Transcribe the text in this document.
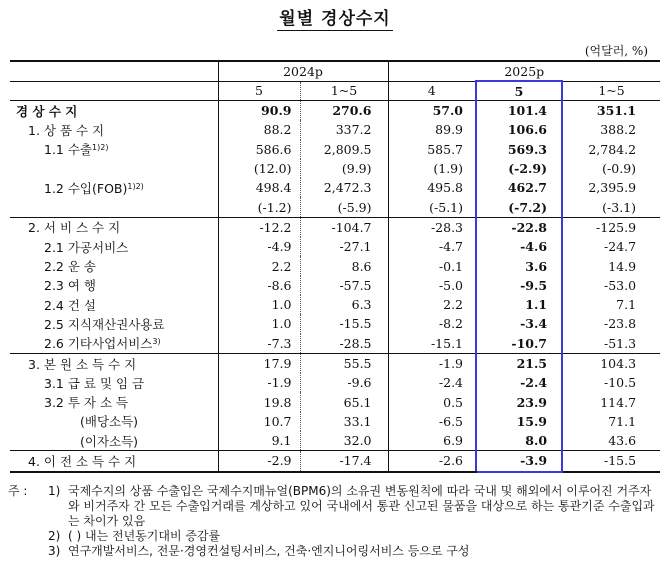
월별 경상수지
(억달러, %)
	2024p		2025p		
	5	1~5	4	5	1~5
경 상 수 지	90.9	270.6	57.0	101.4	351.1
1. 상 품 수 지	88.2	337.2	89.9	106.6	388.2
1.1 수출$^{1)2)}$	586.6	2,809.5	585.7	569.3	2,784.2
	(12.0)	(9.9)	(1.9)	(-2.9)	(-0.9)
1.2 수입(FOB)$^{1)2)}$	498.4	2,472.3	495.8	462.7	2,395.9
	(-1.2)	(-5.9)	(-5.1)	(-7.2)	(-3.1)
2. 서 비 스 수 지	-12.2	-104.7	-28.3	-22.8	-125.9
2.1 가공서비스	-4.9	-27.1	-4.7	-4.6	-24.7
2.2 운 송	2.2	8.6	-0.1	3.6	14.9
2.3 여 행	-8.6	-57.5	-5.0	-9.5	-53.0
2.4 건 설	1.0	6.3	2.2	1.1	7.1
2.5 지식재산권사용료	1.0	-15.5	-8.2	-3.4	-23.8
2.6 기타사업서비스$^{3)}$	-7.3	-28.5	-15.1	-10.7	-51.3
3. 본 원 소 득 수 지	17.9	55.5	-1.9	21.5	104.3
3.1 급 료 및 임 금	-1.9	-9.6	-2.4	-2.4	-10.5
3.2 투 자 소 득	19.8	65.1	0.5	23.9	114.7
(배당소득)	10.7	33.1	-6.5	15.9	71.1
(이자소득)	9.1	32.0	6.9	8.0	43.6
4. 이 전 소 득 수 지	-2.9	-17.4	-2.6	-3.9	-15.5
주 :	1) 국제수지의 상품 수출입은 국제수지매뉴얼(BPM6)의 소유권 변동원칙에 따라 국내 및 해외에서 이루어진 거주자와 비거주자 간 모든 수출입거래를 계상하고 있어 국내에서 통관 신고된 물품을 대상으로 하는 통관기준 수출입과는 차이가 있음
2) ( ) 내는 전년동기대비 증감률
3) 연구개발서비스, 전문·경영컨설팅서비스, 건축·엔지니어링서비스 등으로 구성
